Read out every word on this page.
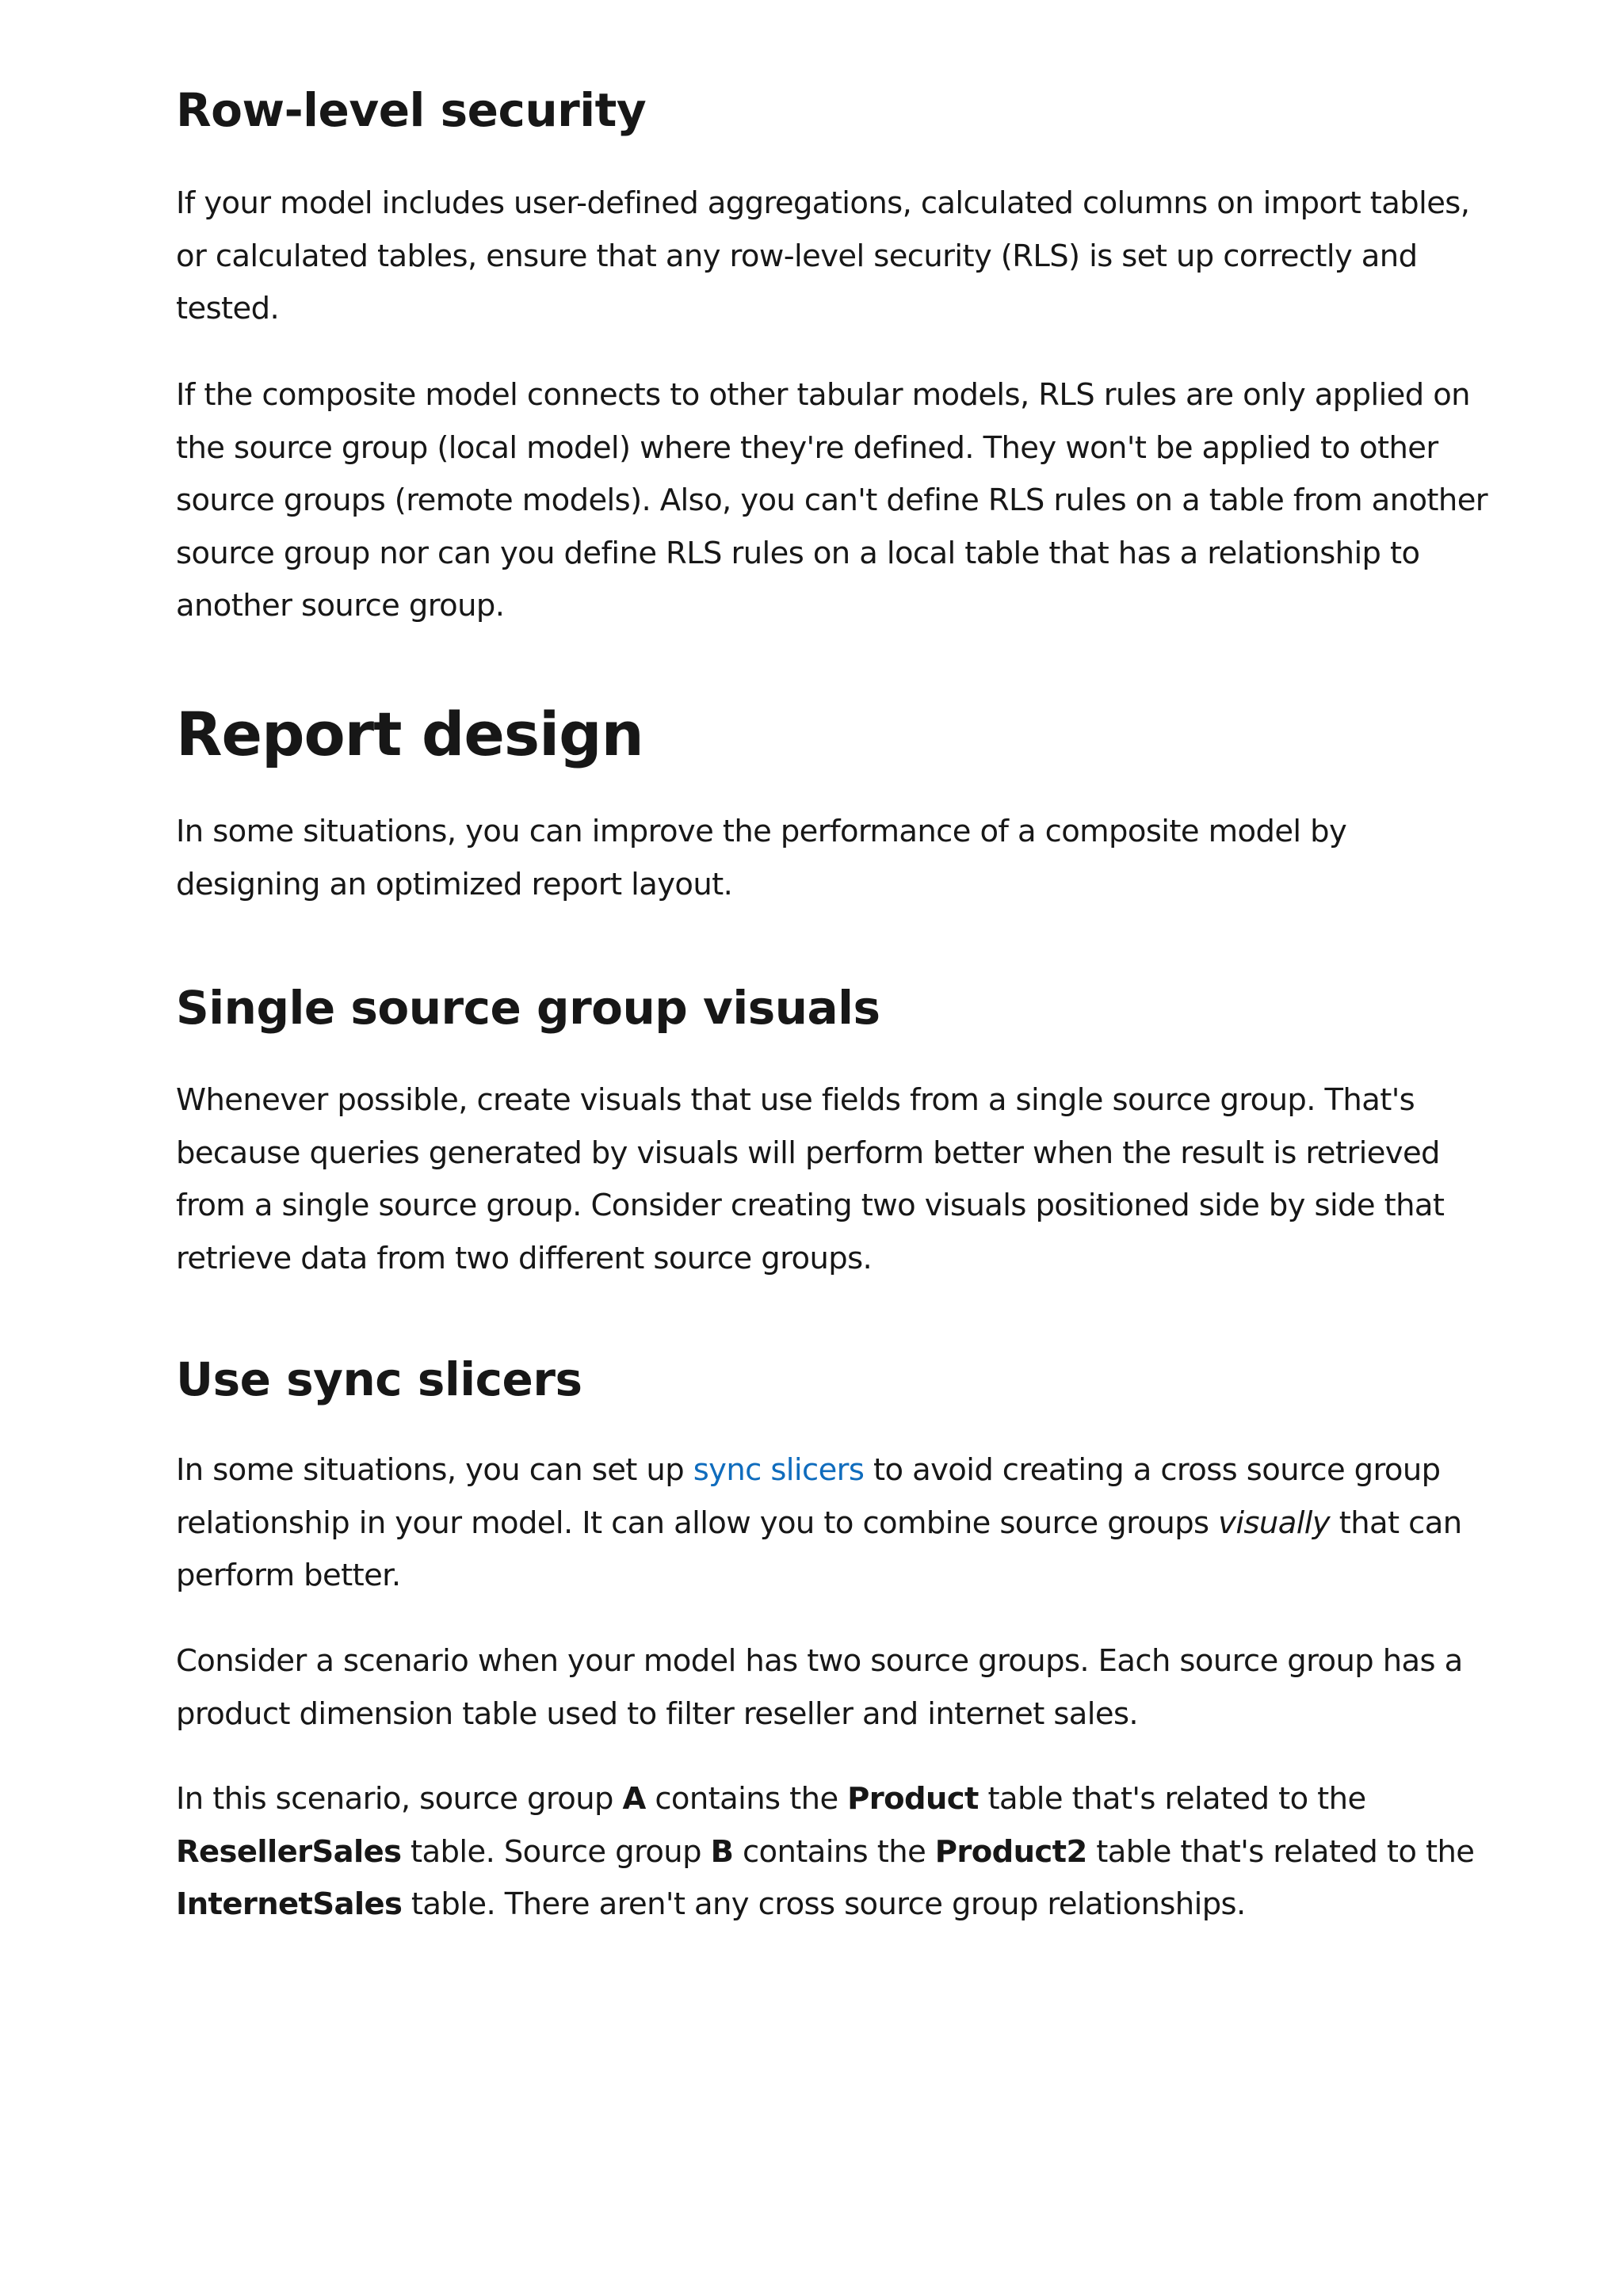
Row-level security

If your model includes user-defined aggregations, calculated columns on import tables,
or calculated tables, ensure that any row-level security (RLS) is set up correctly and
tested.

If the composite model connects to other tabular models, RLS rules are only applied on
the source group (local model) where they're defined. They won't be applied to other
source groups (remote models). Also, you can't define RLS rules on a table from another
source group nor can you define RLS rules on a local table that has a relationship to
another source group.

Report design

In some situations, you can improve the performance of a composite model by
designing an optimized report layout.

Single source group visuals

Whenever possible, create visuals that use fields from a single source group. That's
because queries generated by visuals will perform better when the result is retrieved
from a single source group. Consider creating two visuals positioned side by side that
retrieve data from two different source groups.

Use sync slicers

In some situations, you can set up sync slicers to avoid creating a cross source group
relationship in your model. It can allow you to combine source groups visually that can
perform better.

Consider a scenario when your model has two source groups. Each source group has a
product dimension table used to filter reseller and internet sales.

In this scenario, source group A contains the Product table that's related to the
ResellerSales table. Source group B contains the Product2 table that's related to the
InternetSales table. There aren't any cross source group relationships.
